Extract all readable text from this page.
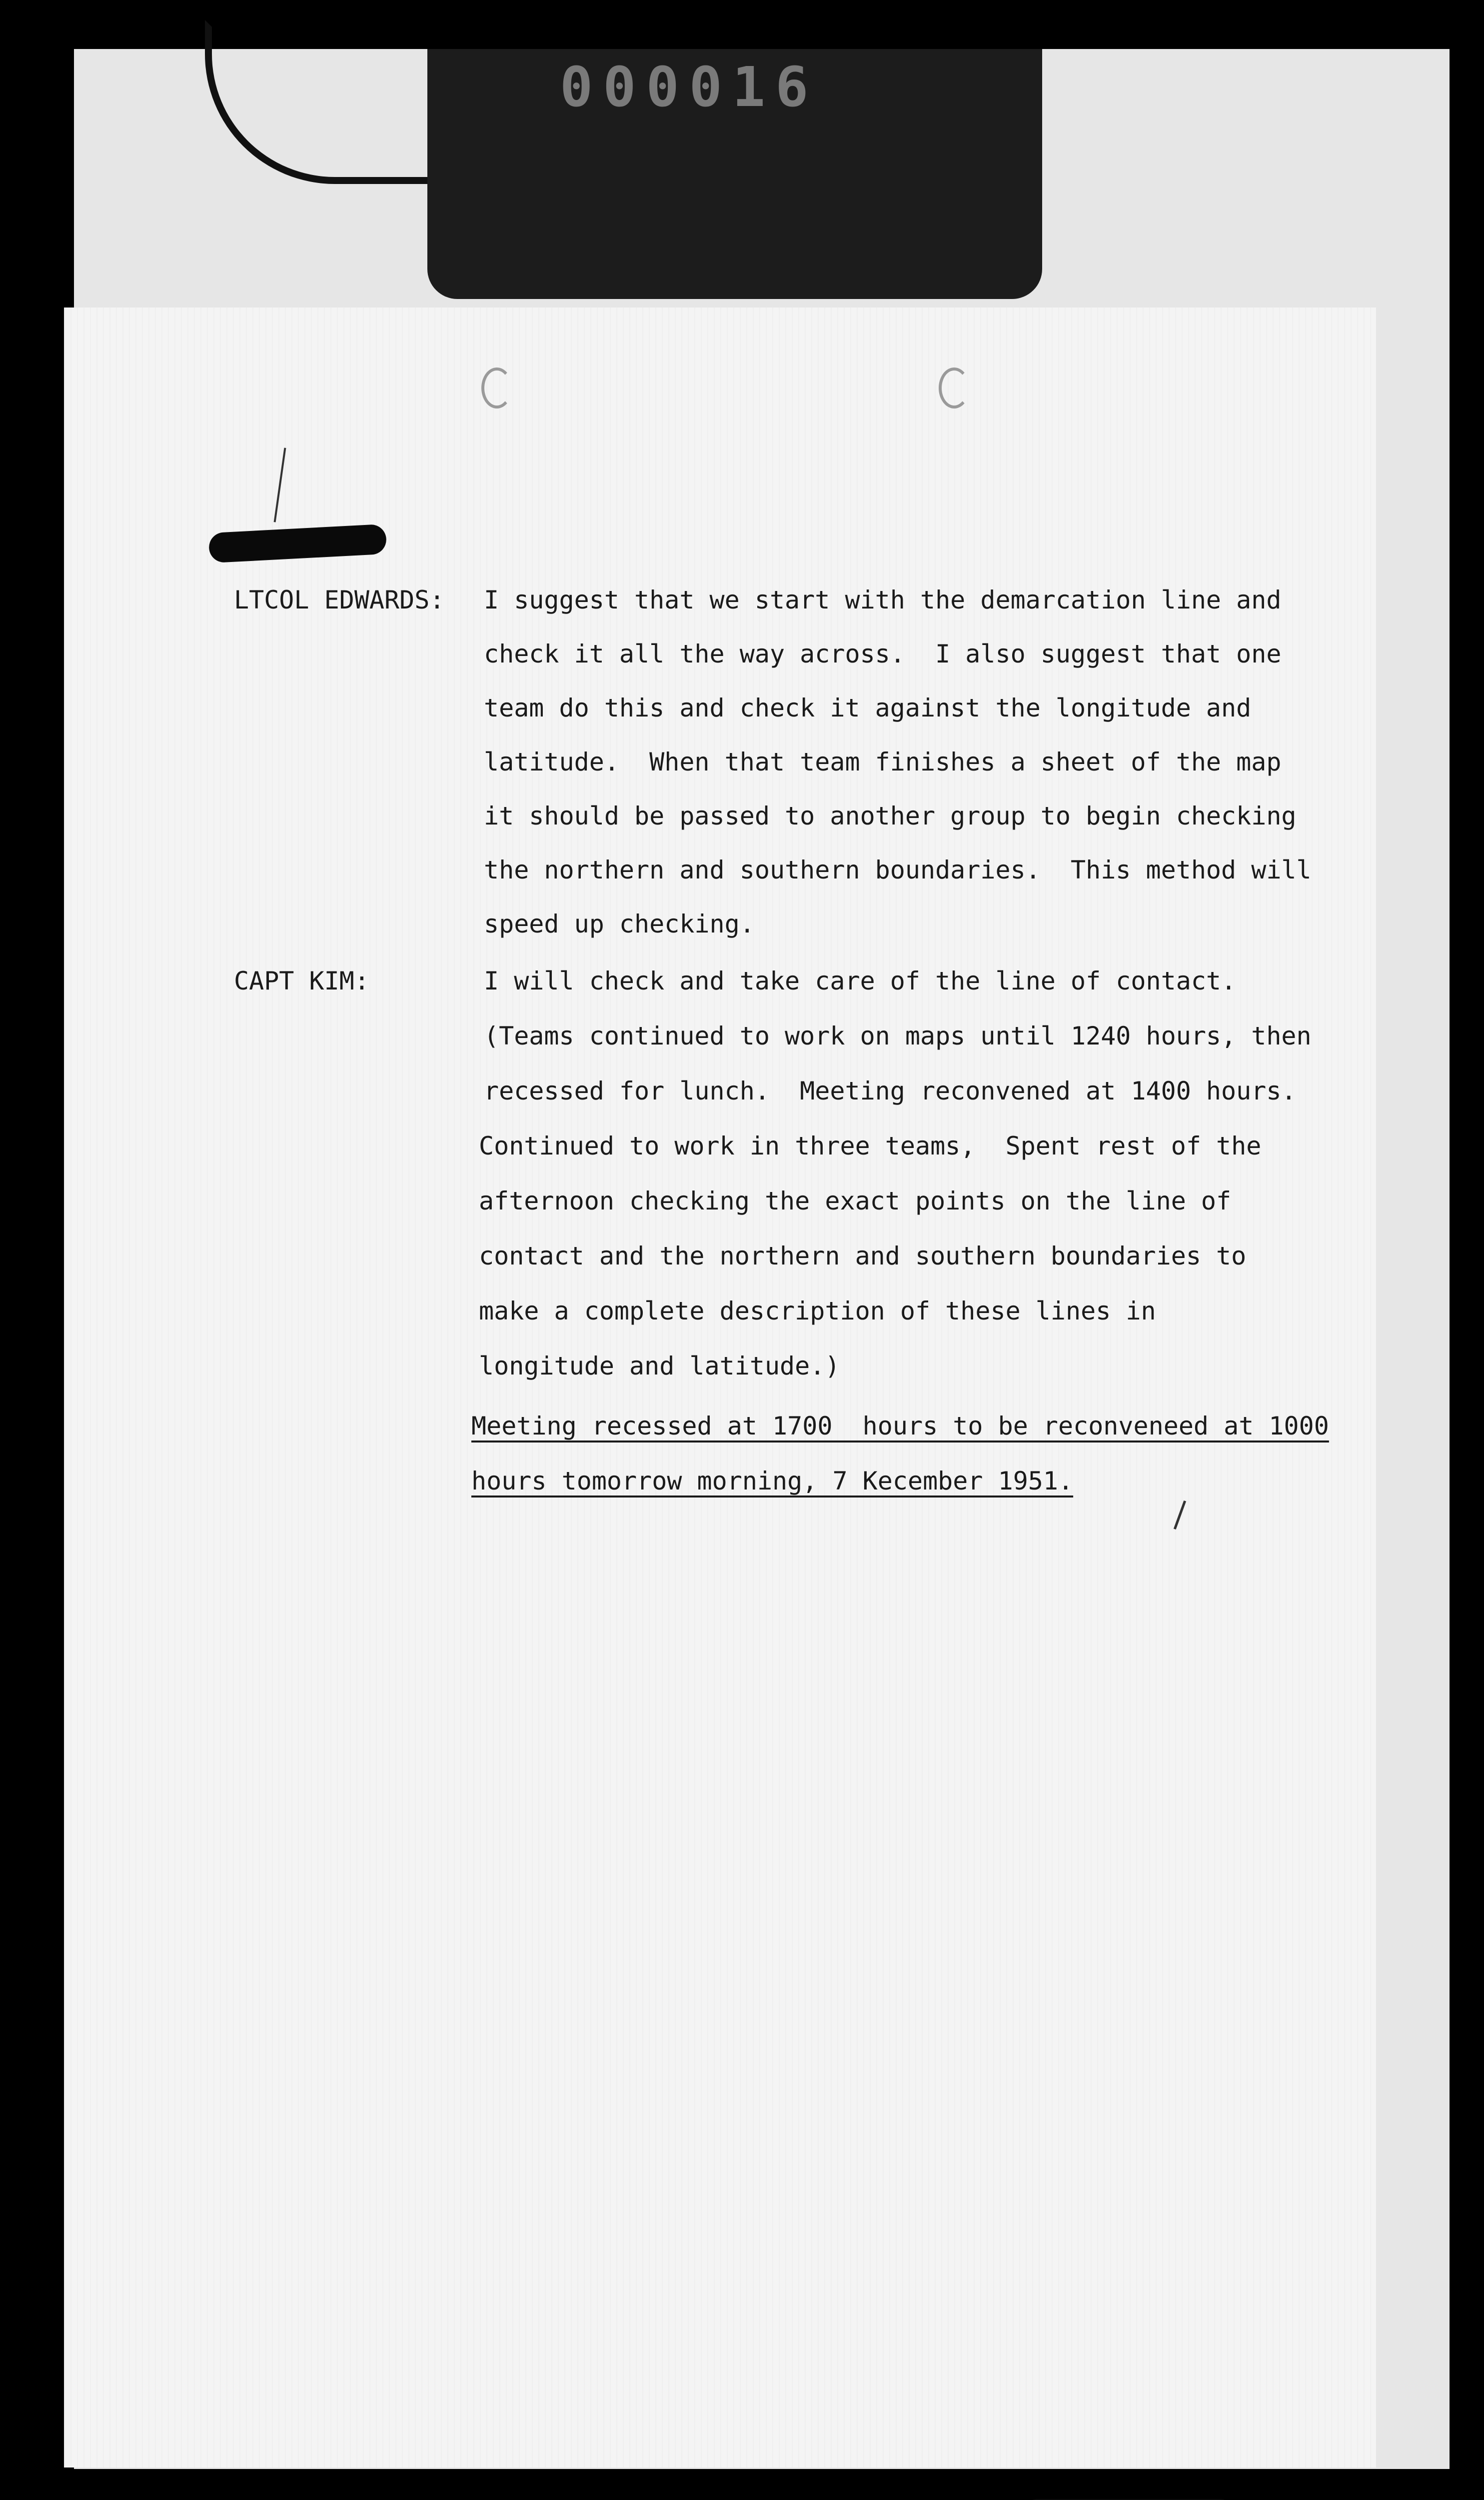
000016
LTCOL EDWARDS: I suggest that we start with the demarcation line and
check it all the way across.  I also suggest that one
team do this and check it against the longitude and
latitude.  When that team finishes a sheet of the map
it should be passed to another group to begin checking
the northern and southern boundaries.  This method will
speed up checking.
CAPT KIM:	I will check and take care of the line of contact.
(Teams continued to work on maps until 1240 hours, then
recessed for lunch.  Meeting reconvened at 1400 hours.
Continued to work in three teams,  Spent rest of the
afternoon checking the exact points on the line of
contact and the northern and southern boundaries to
make a complete description of these lines in
longitude and latitude.)
Meeting recessed at 1700  hours to be reconveneed at 1000
hours tomorrow morning, 7 Kecember 1951.
